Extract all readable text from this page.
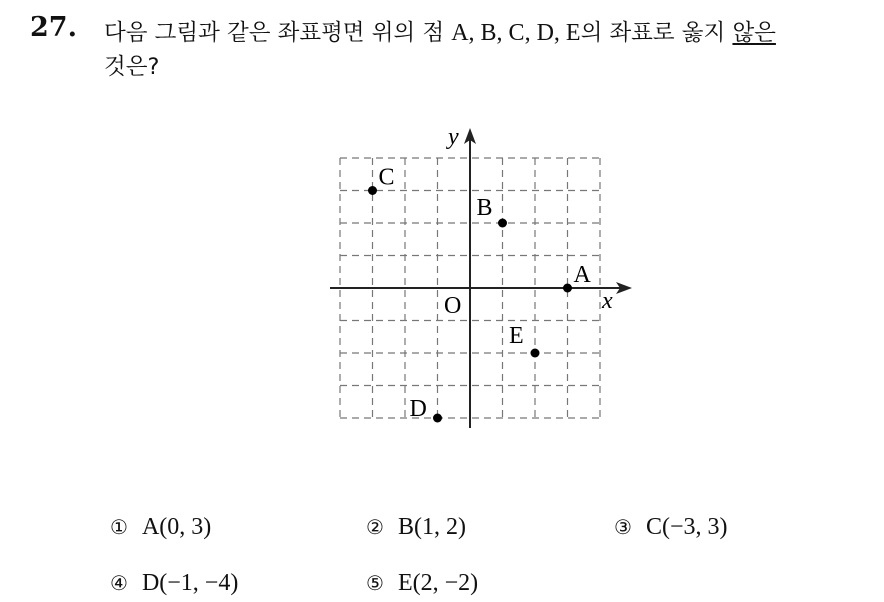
27. 다음 그림과 같은 좌표평면 위의 점 A, B, C, D, E의 좌표로 옳지 않은
것은?
x
y
O
A
B
C
D
E
① A(0, 3)	② B(1, 2)	③ C(−3, 3)
④ D(−1, −4)	⑤ E(2, −2)
